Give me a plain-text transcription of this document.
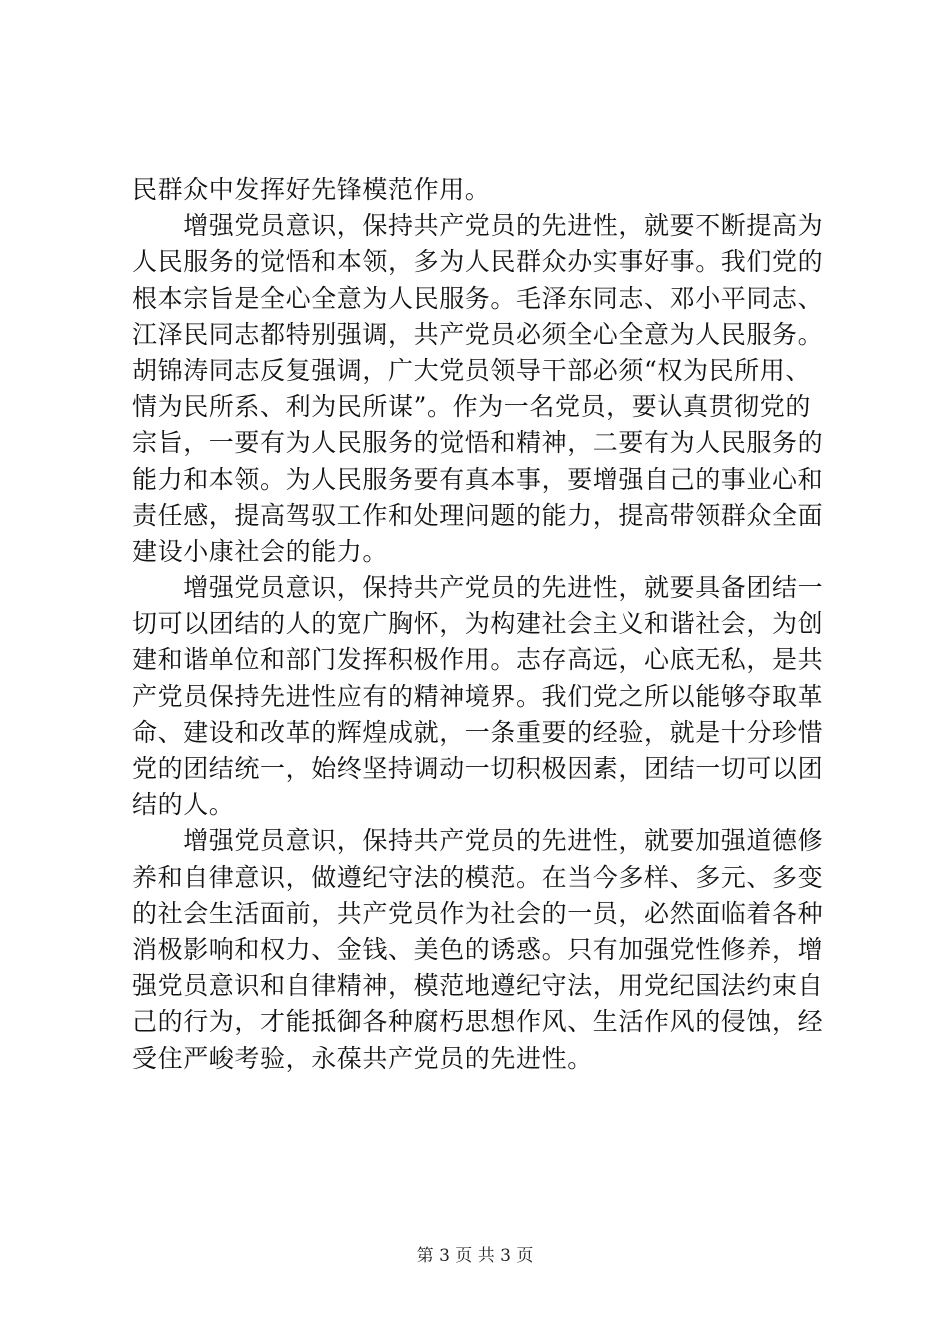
民群众中发挥好先锋模范作用。
　　增强党员意识，保持共产党员的先进性，就要不断提高为
人民服务的觉悟和本领，多为人民群众办实事好事。我们党的
根本宗旨是全心全意为人民服务。毛泽东同志、邓小平同志、
江泽民同志都特别强调，共产党员必须全心全意为人民服务。
胡锦涛同志反复强调，广大党员领导干部必须“权为民所用、
情为民所系、利为民所谋”。作为一名党员，要认真贯彻党的
宗旨，一要有为人民服务的觉悟和精神，二要有为人民服务的
能力和本领。为人民服务要有真本事，要增强自己的事业心和
责任感，提高驾驭工作和处理问题的能力，提高带领群众全面
建设小康社会的能力。
　　增强党员意识，保持共产党员的先进性，就要具备团结一
切可以团结的人的宽广胸怀，为构建社会主义和谐社会，为创
建和谐单位和部门发挥积极作用。志存高远，心底无私，是共
产党员保持先进性应有的精神境界。我们党之所以能够夺取革
命、建设和改革的辉煌成就，一条重要的经验，就是十分珍惜
党的团结统一，始终坚持调动一切积极因素，团结一切可以团
结的人。
　　增强党员意识，保持共产党员的先进性，就要加强道德修
养和自律意识，做遵纪守法的模范。在当今多样、多元、多变
的社会生活面前，共产党员作为社会的一员，必然面临着各种
消极影响和权力、金钱、美色的诱惑。只有加强党性修养，增
强党员意识和自律精神，模范地遵纪守法，用党纪国法约束自
己的行为，才能抵御各种腐朽思想作风、生活作风的侵蚀，经
受住严峻考验，永葆共产党员的先进性。
第 3 页 共 3 页
